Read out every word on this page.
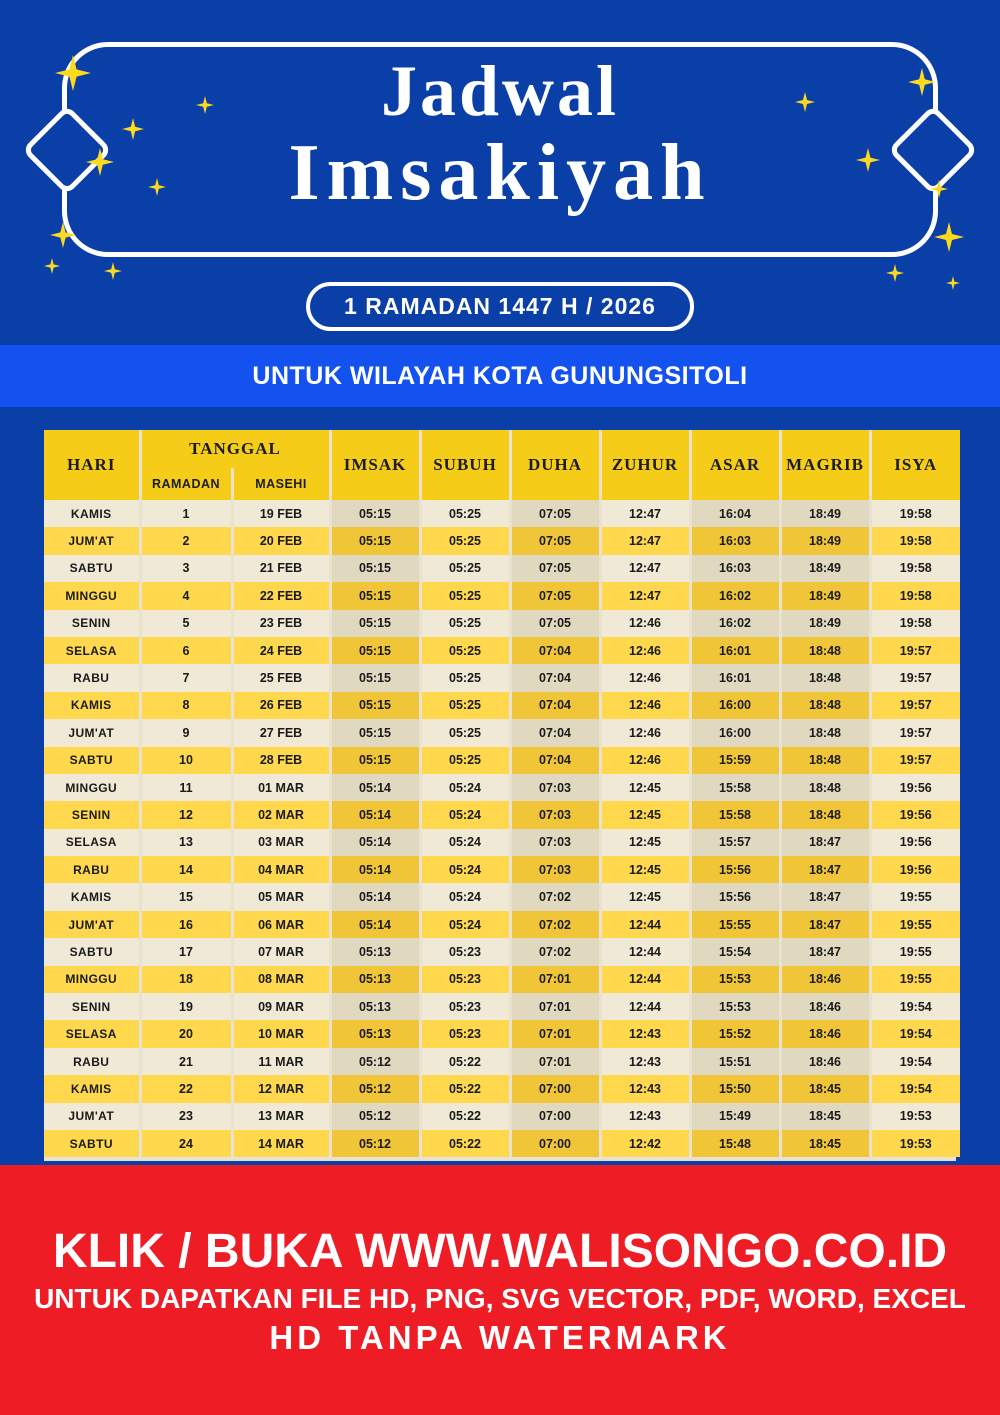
Jadwal
Imsakiyah
1 RAMADAN 1447 H / 2026
UNTUK WILAYAH KOTA GUNUNGSITOLI
HARI	TANGGAL		IMSAK	SUBUH	DUHA	ZUHUR	ASAR	MAGRIB	ISYA
	RAMADAN	MASEHI							
KAMIS	1	19 FEB	05:15	05:25	07:05	12:47	16:04	18:49	19:58
JUM'AT	2	20 FEB	05:15	05:25	07:05	12:47	16:03	18:49	19:58
SABTU	3	21 FEB	05:15	05:25	07:05	12:47	16:03	18:49	19:58
MINGGU	4	22 FEB	05:15	05:25	07:05	12:47	16:02	18:49	19:58
SENIN	5	23 FEB	05:15	05:25	07:05	12:46	16:02	18:49	19:58
SELASA	6	24 FEB	05:15	05:25	07:04	12:46	16:01	18:48	19:57
RABU	7	25 FEB	05:15	05:25	07:04	12:46	16:01	18:48	19:57
KAMIS	8	26 FEB	05:15	05:25	07:04	12:46	16:00	18:48	19:57
JUM'AT	9	27 FEB	05:15	05:25	07:04	12:46	16:00	18:48	19:57
SABTU	10	28 FEB	05:15	05:25	07:04	12:46	15:59	18:48	19:57
MINGGU	11	01 MAR	05:14	05:24	07:03	12:45	15:58	18:48	19:56
SENIN	12	02 MAR	05:14	05:24	07:03	12:45	15:58	18:48	19:56
SELASA	13	03 MAR	05:14	05:24	07:03	12:45	15:57	18:47	19:56
RABU	14	04 MAR	05:14	05:24	07:03	12:45	15:56	18:47	19:56
KAMIS	15	05 MAR	05:14	05:24	07:02	12:45	15:56	18:47	19:55
JUM'AT	16	06 MAR	05:14	05:24	07:02	12:44	15:55	18:47	19:55
SABTU	17	07 MAR	05:13	05:23	07:02	12:44	15:54	18:47	19:55
MINGGU	18	08 MAR	05:13	05:23	07:01	12:44	15:53	18:46	19:55
SENIN	19	09 MAR	05:13	05:23	07:01	12:44	15:53	18:46	19:54
SELASA	20	10 MAR	05:13	05:23	07:01	12:43	15:52	18:46	19:54
RABU	21	11 MAR	05:12	05:22	07:01	12:43	15:51	18:46	19:54
KAMIS	22	12 MAR	05:12	05:22	07:00	12:43	15:50	18:45	19:54
JUM'AT	23	13 MAR	05:12	05:22	07:00	12:43	15:49	18:45	19:53
SABTU	24	14 MAR	05:12	05:22	07:00	12:42	15:48	18:45	19:53
KLIK / BUKA WWW.WALISONGO.CO.ID
UNTUK DAPATKAN FILE HD, PNG, SVG VECTOR, PDF, WORD, EXCEL
HD TANPA WATERMARK
